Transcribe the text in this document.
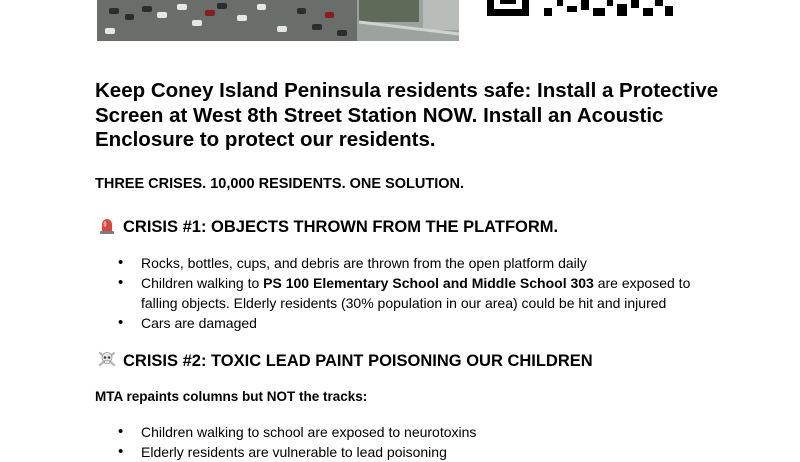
Keep Coney Island Peninsula residents safe: Install a Protective Screen at West 8th Street Station NOW. Install an Acoustic Enclosure to protect our residents.

THREE CRISES. 10,000 RESIDENTS. ONE SOLUTION.

CRISIS #1: OBJECTS THROWN FROM THE PLATFORM.
• Rocks, bottles, cups, and debris are thrown from the open platform daily
• Children walking to PS 100 Elementary School and Middle School 303 are exposed to falling objects. Elderly residents (30% population in our area) could be hit and injured
• Cars are damaged
CRISIS #2: TOXIC LEAD PAINT POISONING OUR CHILDREN

MTA repaints columns but NOT the tracks:

• Children walking to school are exposed to neurotoxins
• Elderly residents are vulnerable to lead poisoning
